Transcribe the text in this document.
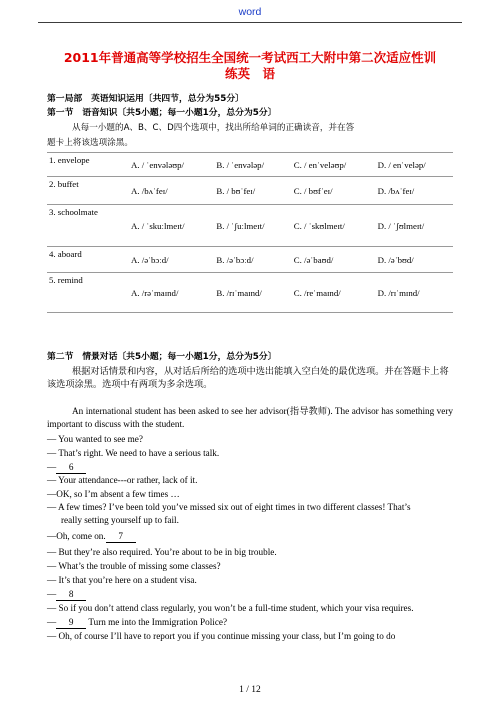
word
2011年普通高等学校招生全国统一考试西工大附中第二次适应性训
练英　语
第一局部　英语知识运用〔共四节，总分为55分〕
第一节　语音知识〔共5小题；每一小题1分，总分为5分〕
从每一小题的A、B、C、D四个选项中，找出所给单词的正确读音，并在答
题卡上将该选项涂黑。
1. envelope	A. / ˈenvələʊp/	B. / ˈenvələp/	C. / enˈveləʊp/	D. / enˈveləp/
2. buffet	A. /bʌˈfeɪ/	B. / bʊˈfeɪ/	C. / bʊfˈeɪ/	D. /bʌˈfeɪ/
3. schoolmate	A. / ˈskuːlmeɪt/	B. / ˈʃuːlmeɪt/	C. / ˈskʊlmeɪt/	D. / ˈʃʊlmeɪt/
4. aboard	A. /əˈbɔːd/	B. /əˈbɔːd/	C. /əˈbaʊd/	D. /əˈbʊd/
5. remind	A. /rəˈmaɪnd/	B. /rɪˈmaɪnd/	C. /reˈmaɪnd/	D. /rɪˈmɪnd/
第二节　情景对话〔共5小题；每一小题1分，总分为5分〕
根据对话情景和内容，从对话后所给的选项中选出能填入空白处的最优选项。并在答题卡上将该选项涂黑。选项中有两项为多余选项。
An international student has been asked to see her advisor(指导教师). The advisor has something very important to discuss with the student.
— You wanted to see me?
— That’s right. We need to have a serious talk.
— 6
— Your attendance---or rather, lack of it.
—OK, so I’m absent a few times …
— A few times? I’ve been told you’ve missed six out of eight times in two different classes! That’s
really setting yourself up to fail.
—Oh, come on. 7
— But they’re also required. You’re about to be in big trouble.
— What’s the trouble of missing some classes?
— It’s that you’re here on a student visa.
— 8
— So if you don’t attend class regularly, you won’t be a full-time student, which your visa requires.
— 9 Turn me into the Immigration Police?
— Oh, of course I’ll have to report you if you continue missing your class, but I’m going to do
1 / 12
